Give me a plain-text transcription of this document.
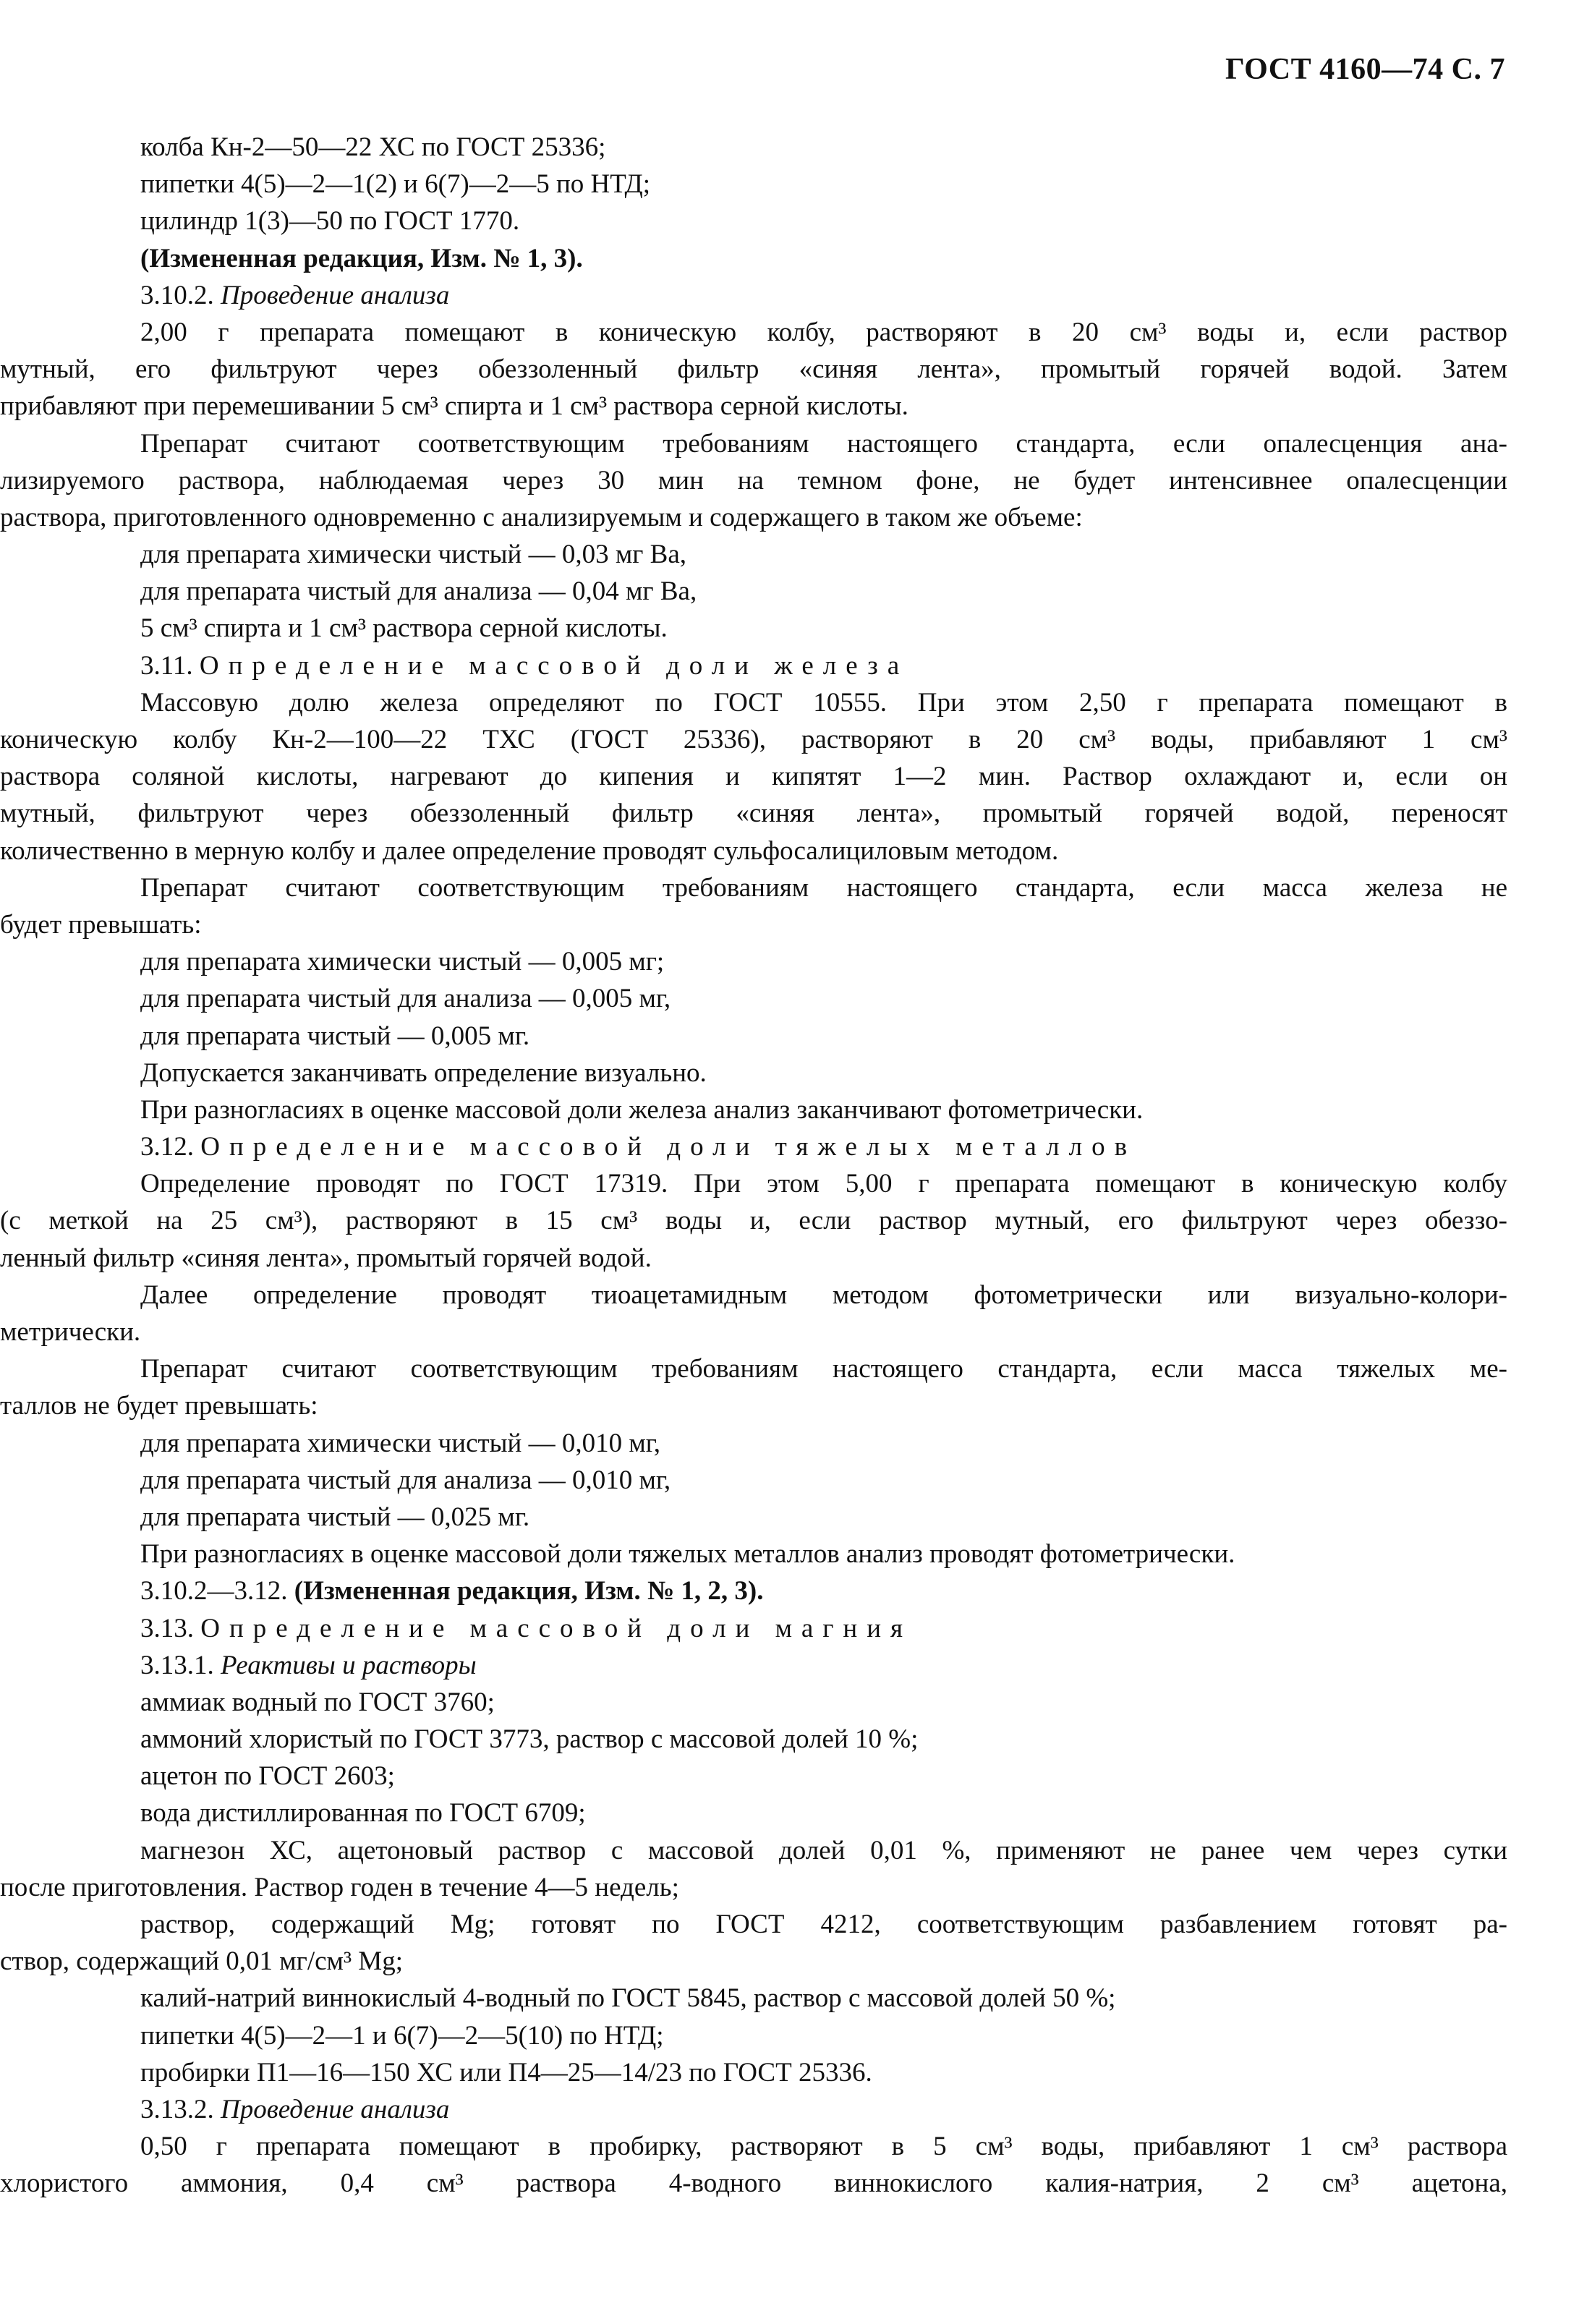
ГОСТ 4160—74 С. 7
колба Кн-2—50—22 ХС по ГОСТ 25336;
пипетки 4(5)—2—1(2) и 6(7)—2—5 по НТД;
цилиндр 1(3)—50 по ГОСТ 1770.
(Измененная редакция, Изм. № 1, 3).
3.10.2. Проведение анализа
2,00 г препарата помещают в коническую колбу, растворяют в 20 см³ воды и, если раствор
мутный, его фильтруют через обеззоленный фильтр «синяя лента», промытый горячей водой. Затем
прибавляют при перемешивании 5 см³ спирта и 1 см³ раствора серной кислоты.
Препарат считают соответствующим требованиям настоящего стандарта, если опалесценция ана-
лизируемого раствора, наблюдаемая через 30 мин на темном фоне, не будет интенсивнее опалесценции
раствора, приготовленного одновременно с анализируемым и содержащего в таком же объеме:
для препарата химически чистый — 0,03 мг Ва,
для препарата чистый для анализа — 0,04 мг Ва,
5 см³ спирта и 1 см³ раствора серной кислоты.
3.11. Определение массовой доли железа
Массовую долю железа определяют по ГОСТ 10555. При этом 2,50 г препарата помещают в
коническую колбу Кн-2—100—22 ТХС (ГОСТ 25336), растворяют в 20 см³ воды, прибавляют 1 см³
раствора соляной кислоты, нагревают до кипения и кипятят 1—2 мин. Раствор охлаждают и, если он
мутный, фильтруют через обеззоленный фильтр «синяя лента», промытый горячей водой, переносят
количественно в мерную колбу и далее определение проводят сульфосалициловым методом.
Препарат считают соответствующим требованиям настоящего стандарта, если масса железа не
будет превышать:
для препарата химически чистый — 0,005 мг;
для препарата чистый для анализа — 0,005 мг,
для препарата чистый — 0,005 мг.
Допускается заканчивать определение визуально.
При разногласиях в оценке массовой доли железа анализ заканчивают фотометрически.
3.12. Определение массовой доли тяжелых металлов
Определение проводят по ГОСТ 17319. При этом 5,00 г препарата помещают в коническую колбу
(с меткой на 25 см³), растворяют в 15 см³ воды и, если раствор мутный, его фильтруют через обеззо-
ленный фильтр «синяя лента», промытый горячей водой.
Далее определение проводят тиоацетамидным методом фотометрически или визуально-колори-
метрически.
Препарат считают соответствующим требованиям настоящего стандарта, если масса тяжелых ме-
таллов не будет превышать:
для препарата химически чистый — 0,010 мг,
для препарата чистый для анализа — 0,010 мг,
для препарата чистый — 0,025 мг.
При разногласиях в оценке массовой доли тяжелых металлов анализ проводят фотометрически.
3.10.2—3.12. (Измененная редакция, Изм. № 1, 2, 3).
3.13. Определение массовой доли магния
3.13.1. Реактивы и растворы
аммиак водный по ГОСТ 3760;
аммоний хлористый по ГОСТ 3773, раствор с массовой долей 10 %;
ацетон по ГОСТ 2603;
вода дистиллированная по ГОСТ 6709;
магнезон ХС, ацетоновый раствор с массовой долей 0,01 %, применяют не ранее чем через сутки
после приготовления. Раствор годен в течение 4—5 недель;
раствор, содержащий Mg; готовят по ГОСТ 4212, соответствующим разбавлением готовят ра-
створ, содержащий 0,01 мг/см³ Mg;
калий-натрий виннокислый 4-водный по ГОСТ 5845, раствор с массовой долей 50 %;
пипетки 4(5)—2—1 и 6(7)—2—5(10) по НТД;
пробирки П1—16—150 ХС или П4—25—14/23 по ГОСТ 25336.
3.13.2. Проведение анализа
0,50 г препарата помещают в пробирку, растворяют в 5 см³ воды, прибавляют 1 см³ раствора
хлористого аммония, 0,4 см³ раствора 4-водного виннокислого калия-натрия, 2 см³ ацетона,
